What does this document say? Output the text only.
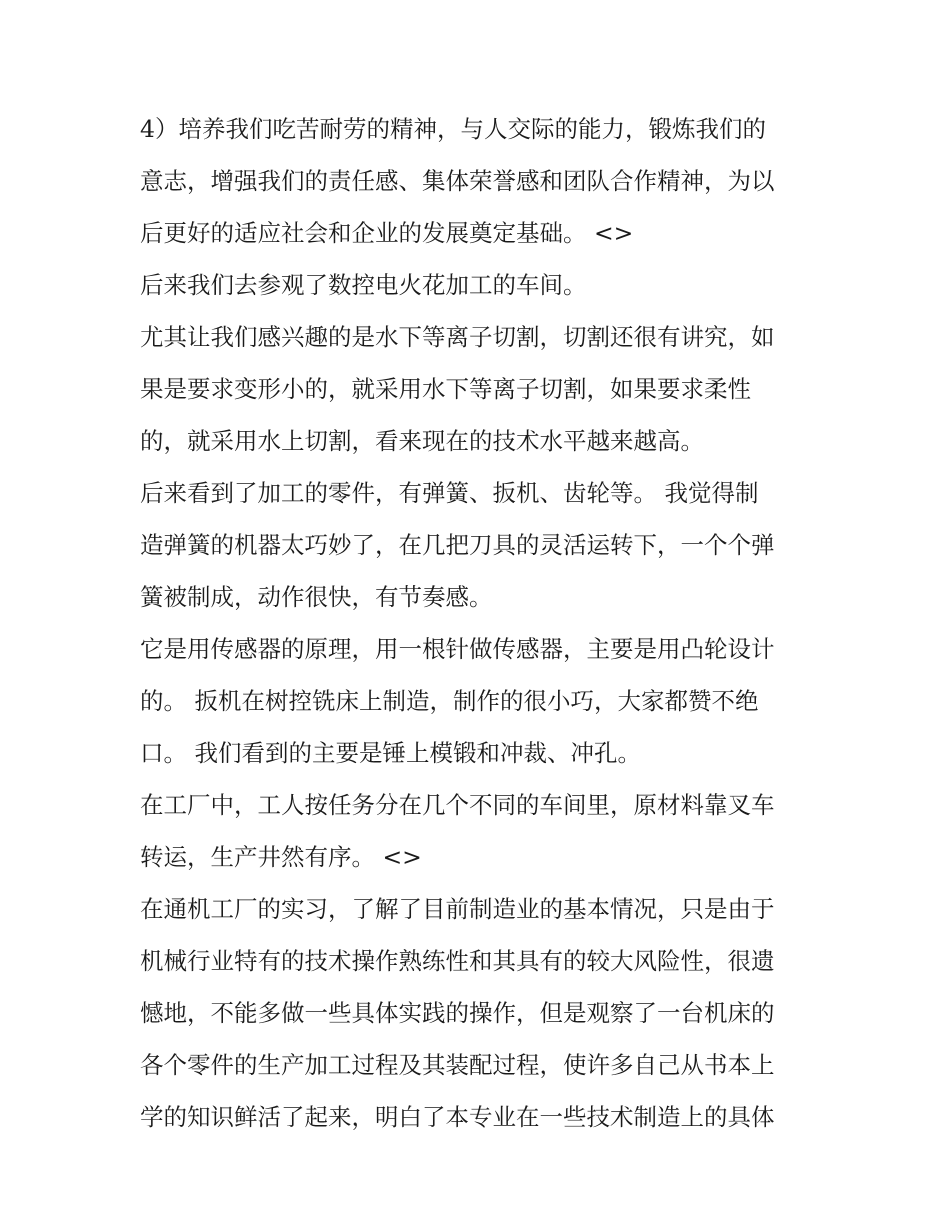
4）培养我们吃苦耐劳的精神，与人交际的能力，锻炼我们的
意志，增强我们的责任感、集体荣誉感和团队合作精神，为以
后更好的适应社会和企业的发展奠定基础。 <>
后来我们去参观了数控电火花加工的车间。
尤其让我们感兴趣的是水下等离子切割，切割还很有讲究，如
果是要求变形小的，就采用水下等离子切割，如果要求柔性
的，就采用水上切割，看来现在的技术水平越来越高。
后来看到了加工的零件，有弹簧、扳机、齿轮等。 我觉得制
造弹簧的机器太巧妙了，在几把刀具的灵活运转下，一个个弹
簧被制成，动作很快，有节奏感。
它是用传感器的原理，用一根针做传感器，主要是用凸轮设计
的。 扳机在树控铣床上制造，制作的很小巧，大家都赞不绝
口。 我们看到的主要是锤上模锻和冲裁、冲孔。
在工厂中，工人按任务分在几个不同的车间里，原材料靠叉车
转运，生产井然有序。 <>
在通机工厂的实习，了解了目前制造业的基本情况，只是由于
机械行业特有的技术操作熟练性和其具有的较大风险性，很遗
憾地，不能多做一些具体实践的操作，但是观察了一台机床的
各个零件的生产加工过程及其装配过程，使许多自己从书本上
学的知识鲜活了起来，明白了本专业在一些技术制造上的具体
